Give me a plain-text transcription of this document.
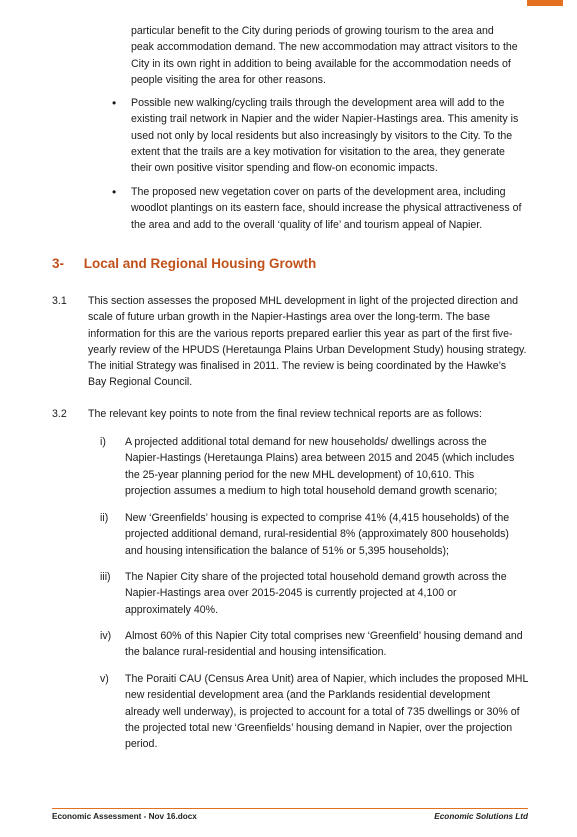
particular benefit to the City during periods of growing tourism to the area and
peak accommodation demand. The new accommodation may attract visitors to the
City in its own right in addition to being available for the accommodation needs of
people visiting the area for other reasons.
• Possible new walking/cycling trails through the development area will add to the
existing trail network in Napier and the wider Napier-Hastings area. This amenity is
used not only by local residents but also increasingly by visitors to the City. To the
extent that the trails are a key motivation for visitation to the area, they generate
their own positive visitor spending and flow-on economic impacts.
• The proposed new vegetation cover on parts of the development area, including
woodlot plantings on its eastern face, should increase the physical attractiveness of
the area and add to the overall ‘quality of life’ and tourism appeal of Napier.
3- Local and Regional Housing Growth
3.1 This section assesses the proposed MHL development in light of the projected direction and
scale of future urban growth in the Napier-Hastings area over the long-term. The base
information for this are the various reports prepared earlier this year as part of the first five-
yearly review of the HPUDS (Heretaunga Plains Urban Development Study) housing strategy.
The initial Strategy was finalised in 2011. The review is being coordinated by the Hawke’s
Bay Regional Council.
3.2 The relevant key points to note from the final review technical reports are as follows:
i) A projected additional total demand for new households/ dwellings across the
Napier-Hastings (Heretaunga Plains) area between 2015 and 2045 (which includes
the 25-year planning period for the new MHL development) of 10,610. This
projection assumes a medium to high total household demand growth scenario;
ii) New ‘Greenfields’ housing is expected to comprise 41% (4,415 households) of the
projected additional demand, rural-residential 8% (approximately 800 households)
and housing intensification the balance of 51% or 5,395 households);
iii) The Napier City share of the projected total household demand growth across the
Napier-Hastings area over 2015-2045 is currently projected at 4,100 or
approximately 40%.
iv) Almost 60% of this Napier City total comprises new ‘Greenfield’ housing demand and
the balance rural-residential and housing intensification.
v) The Poraiti CAU (Census Area Unit) area of Napier, which includes the proposed MHL
new residential development area (and the Parklands residential development
already well underway), is projected to account for a total of 735 dwellings or 30% of
the projected total new ‘Greenfields’ housing demand in Napier, over the projection
period.
Economic Assessment - Nov 16.docx	Economic Solutions Ltd
